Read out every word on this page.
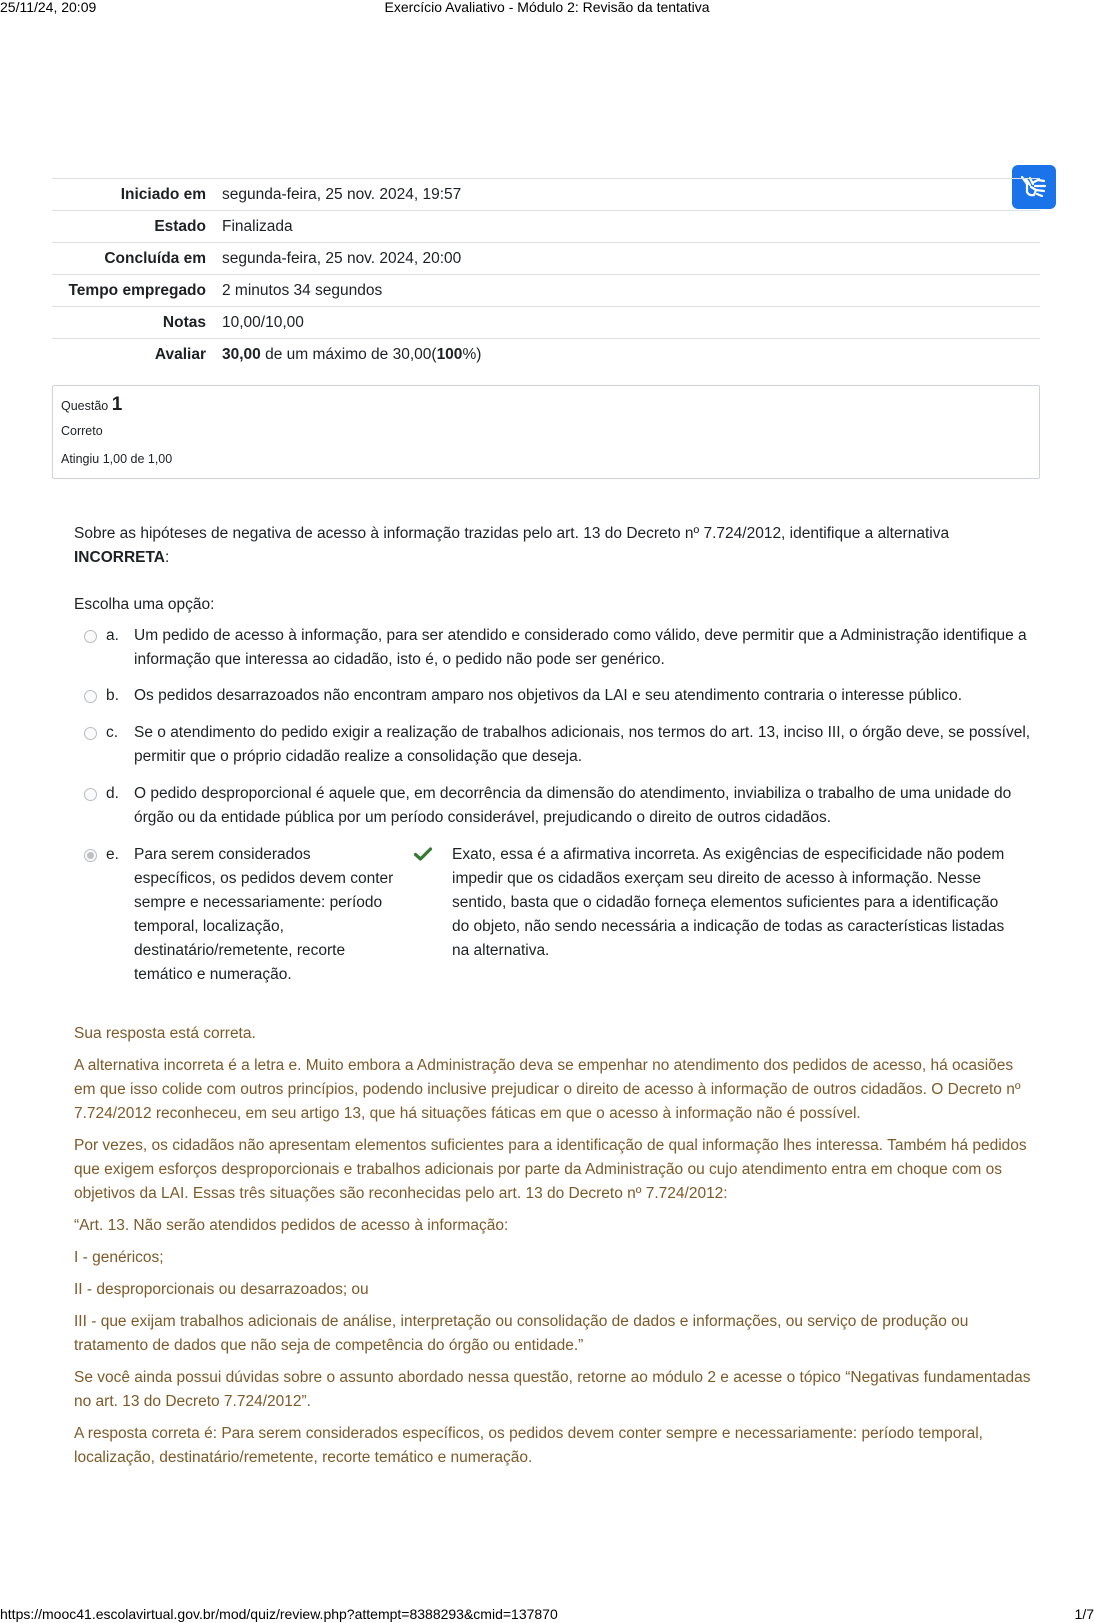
25/11/24, 20:09	Exercício Avaliativo - Módulo 2: Revisão da tentativa
Iniciado em	segunda-feira, 25 nov. 2024, 19:57
Estado	Finalizada
Concluída em	segunda-feira, 25 nov. 2024, 20:00
Tempo empregado	2 minutos 34 segundos
Notas	10,00/10,00
Avaliar	30,00 de um máximo de 30,00(100%)
Questão 1
Correto
Atingiu 1,00 de 1,00
Sobre as hipóteses de negativa de acesso à informação trazidas pelo art. 13 do Decreto nº 7.724/2012, identifique a alternativa INCORRETA:
Escolha uma opção:
a. Um pedido de acesso à informação, para ser atendido e considerado como válido, deve permitir que a Administração identifique a informação que interessa ao cidadão, isto é, o pedido não pode ser genérico.
b. Os pedidos desarrazoados não encontram amparo nos objetivos da LAI e seu atendimento contraria o interesse público.
c. Se o atendimento do pedido exigir a realização de trabalhos adicionais, nos termos do art. 13, inciso III, o órgão deve, se possível, permitir que o próprio cidadão realize a consolidação que deseja.
d. O pedido desproporcional é aquele que, em decorrência da dimensão do atendimento, inviabiliza o trabalho de uma unidade do órgão ou da entidade pública por um período considerável, prejudicando o direito de outros cidadãos.
e. Para serem considerados específicos, os pedidos devem conter sempre e necessariamente: período temporal, localização, destinatário/remetente, recorte temático e numeração.
Exato, essa é a afirmativa incorreta. As exigências de especificidade não podem impedir que os cidadãos exerçam seu direito de acesso à informação. Nesse sentido, basta que o cidadão forneça elementos suficientes para a identificação do objeto, não sendo necessária a indicação de todas as características listadas na alternativa.

Sua resposta está correta.

A alternativa incorreta é a letra e. Muito embora a Administração deva se empenhar no atendimento dos pedidos de acesso, há ocasiões em que isso colide com outros princípios, podendo inclusive prejudicar o direito de acesso à informação de outros cidadãos. O Decreto nº 7.724/2012 reconheceu, em seu artigo 13, que há situações fáticas em que o acesso à informação não é possível.

Por vezes, os cidadãos não apresentam elementos suficientes para a identificação de qual informação lhes interessa. Também há pedidos que exigem esforços desproporcionais e trabalhos adicionais por parte da Administração ou cujo atendimento entra em choque com os objetivos da LAI. Essas três situações são reconhecidas pelo art. 13 do Decreto nº 7.724/2012:

“Art. 13. Não serão atendidos pedidos de acesso à informação:

I - genéricos;

II - desproporcionais ou desarrazoados; ou

III - que exijam trabalhos adicionais de análise, interpretação ou consolidação de dados e informações, ou serviço de produção ou tratamento de dados que não seja de competência do órgão ou entidade.”

Se você ainda possui dúvidas sobre o assunto abordado nessa questão, retorne ao módulo 2 e acesse o tópico “Negativas fundamentadas no art. 13 do Decreto 7.724/2012”.

A resposta correta é: Para serem considerados específicos, os pedidos devem conter sempre e necessariamente: período temporal, localização, destinatário/remetente, recorte temático e numeração.

https://mooc41.escolavirtual.gov.br/mod/quiz/review.php?attempt=8388293&cmid=137870	1/7
